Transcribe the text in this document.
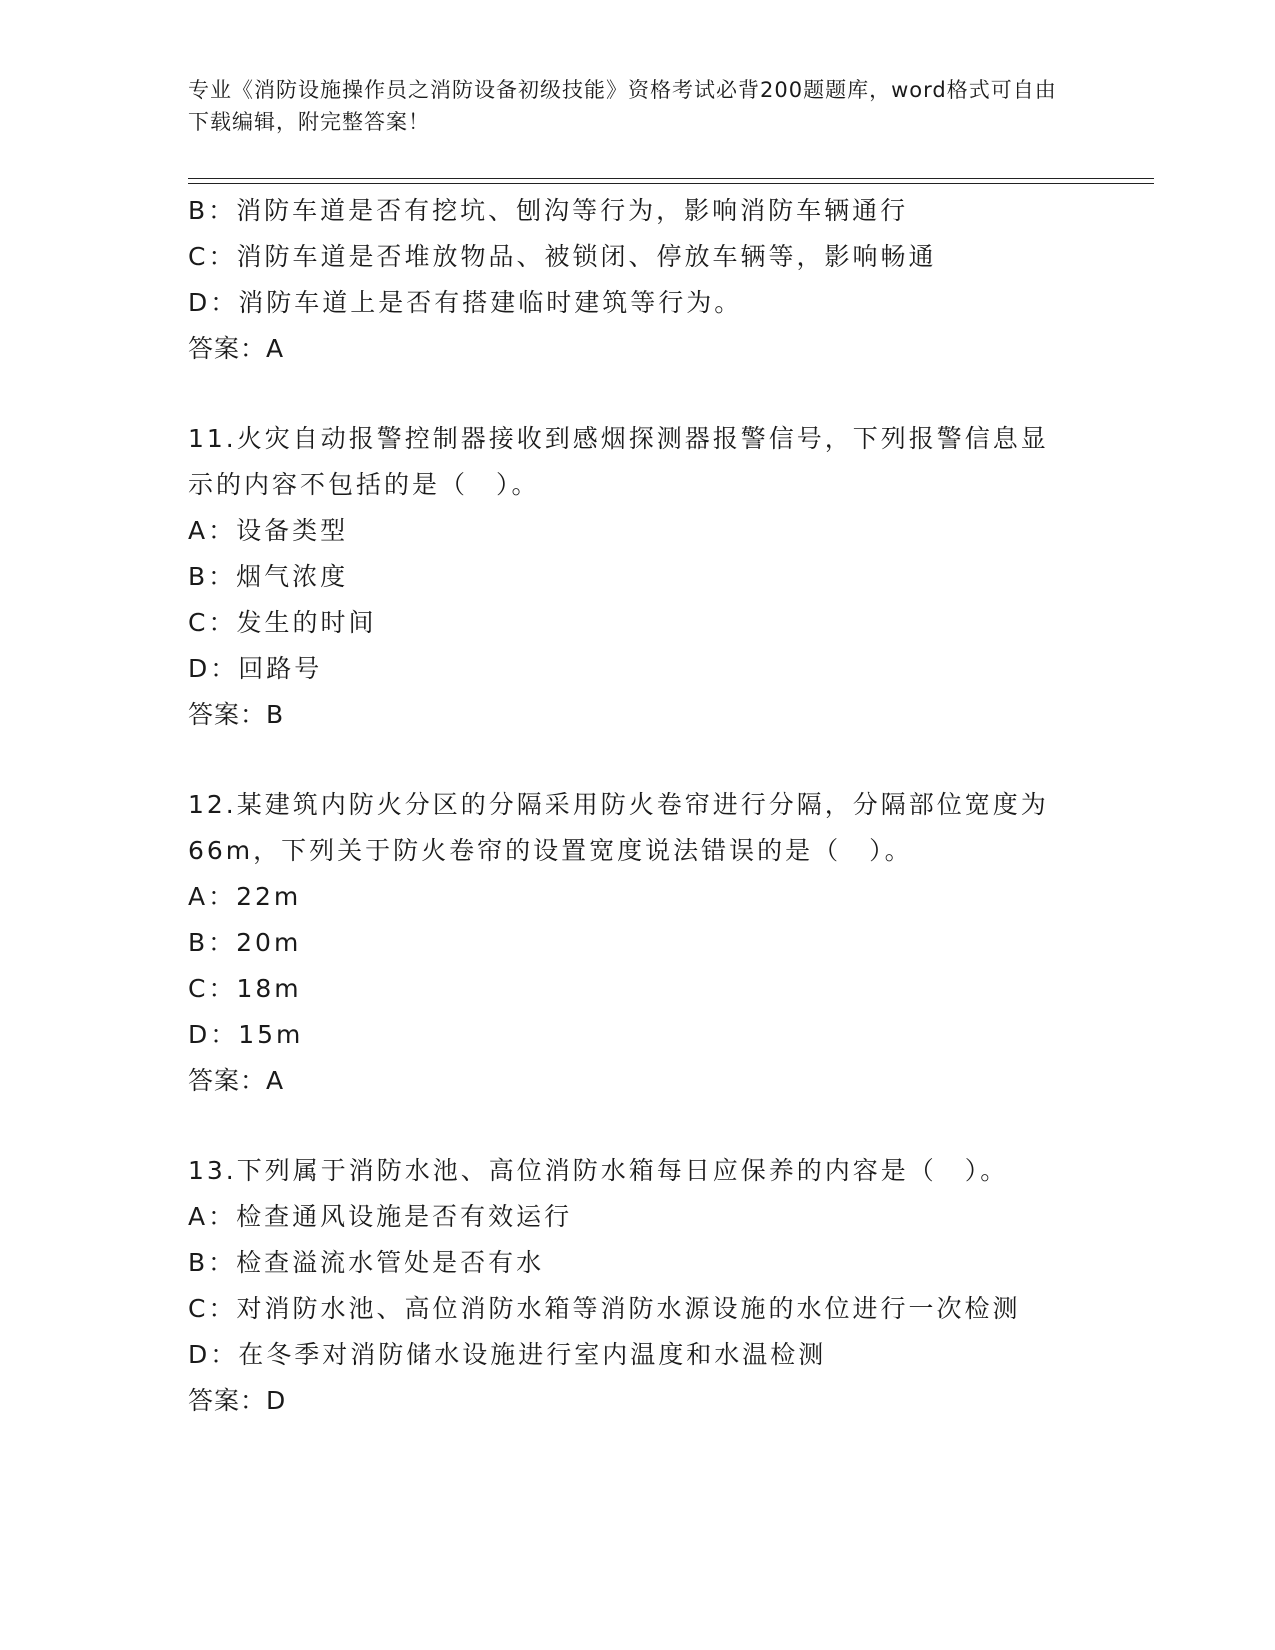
专业《消防设施操作员之消防设备初级技能》资格考试必背200题题库，word格式可自由下载编辑，附完整答案！
B：消防车道是否有挖坑、刨沟等行为，影响消防车辆通行
C：消防车道是否堆放物品、被锁闭、停放车辆等，影响畅通
D：消防车道上是否有搭建临时建筑等行为。
答案：A
11.火灾自动报警控制器接收到感烟探测器报警信号，下列报警信息显示的内容不包括的是（　）。
A：设备类型
B：烟气浓度
C：发生的时间
D：回路号
答案：B
12.某建筑内防火分区的分隔采用防火卷帘进行分隔，分隔部位宽度为66m，下列关于防火卷帘的设置宽度说法错误的是（　）。
A：22m
B：20m
C：18m
D：15m
答案：A
13.下列属于消防水池、高位消防水箱每日应保养的内容是（　）。
A：检查通风设施是否有效运行
B：检查溢流水管处是否有水
C：对消防水池、高位消防水箱等消防水源设施的水位进行一次检测
D：在冬季对消防储水设施进行室内温度和水温检测
答案：D
